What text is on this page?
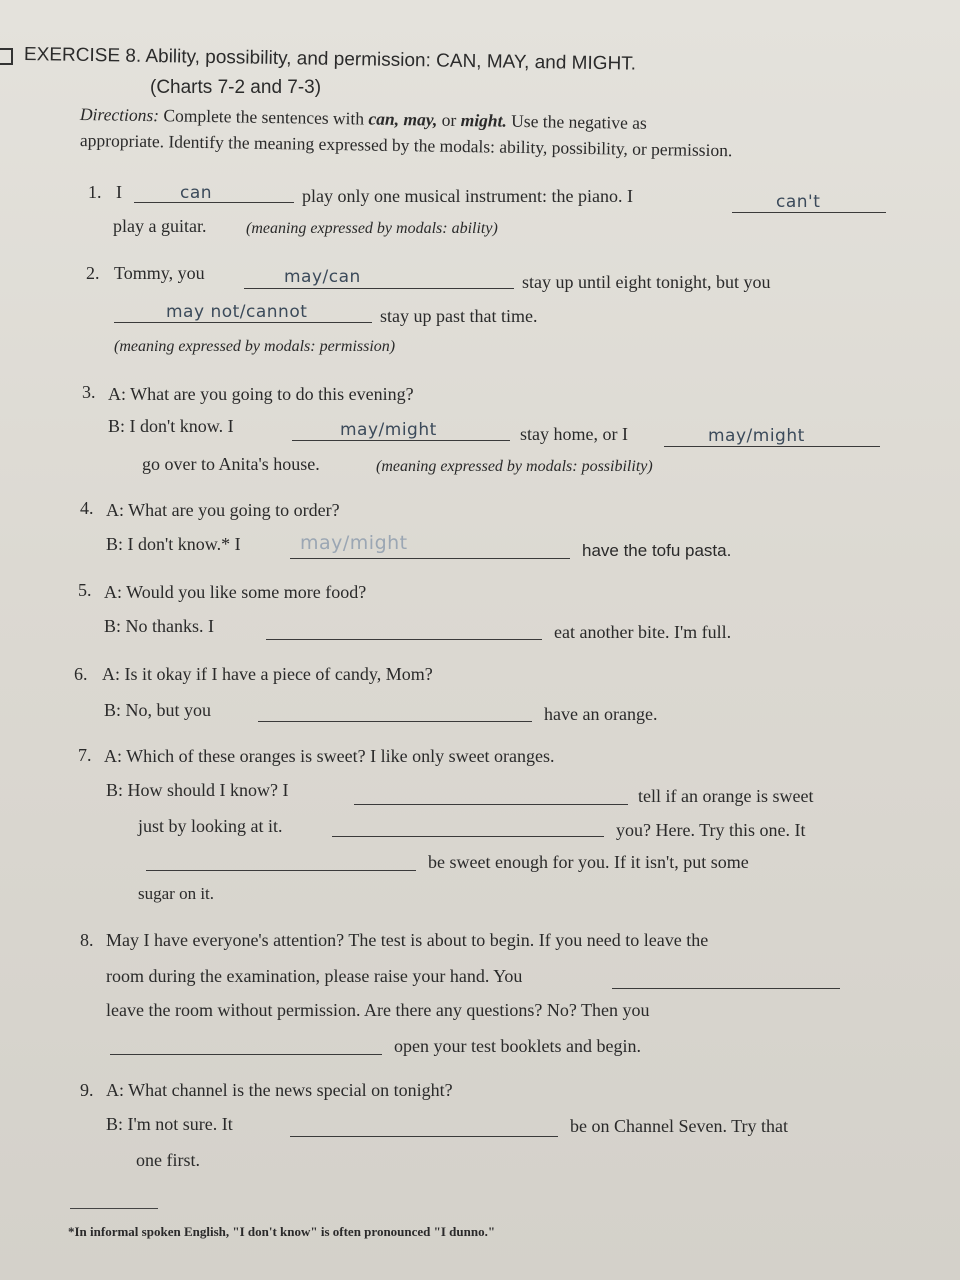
EXERCISE 8. Ability, possibility, and permission: CAN, MAY, and MIGHT.
(Charts 7-2 and 7-3)
Directions: Complete the sentences with can, may, or might. Use the negative as
appropriate. Identify the meaning expressed by the modals: ability, possibility, or permission.
1. I	can	play only one musical instrument: the piano. I	can't
play a guitar. (meaning expressed by modals: ability)
2. Tommy, you	may/can	stay up until eight tonight, but you
may not/cannot	stay up past that time.
(meaning expressed by modals: permission)
3. A: What are you going to do this evening?
B: I don't know. I	may/might	stay home, or I	may/might
go over to Anita's house.	(meaning expressed by modals: possibility)
4. A: What are you going to order?
B: I don't know.* I	may/might	have the tofu pasta.
5. A: Would you like some more food?
B: No thanks. I	eat another bite. I'm full.
6. A: Is it okay if I have a piece of candy, Mom?
B: No, but you	have an orange.
7. A: Which of these oranges is sweet? I like only sweet oranges.
B: How should I know? I	tell if an orange is sweet
just by looking at it.	you? Here. Try this one. It
be sweet enough for you. If it isn't, put some
sugar on it.
8. May I have everyone's attention? The test is about to begin. If you need to leave the
room during the examination, please raise your hand. You
leave the room without permission. Are there any questions? No? Then you
open your test booklets and begin.
9. A: What channel is the news special on tonight?
B: I'm not sure. It	be on Channel Seven. Try that
one first.
*In informal spoken English, "I don't know" is often pronounced "I dunno."
